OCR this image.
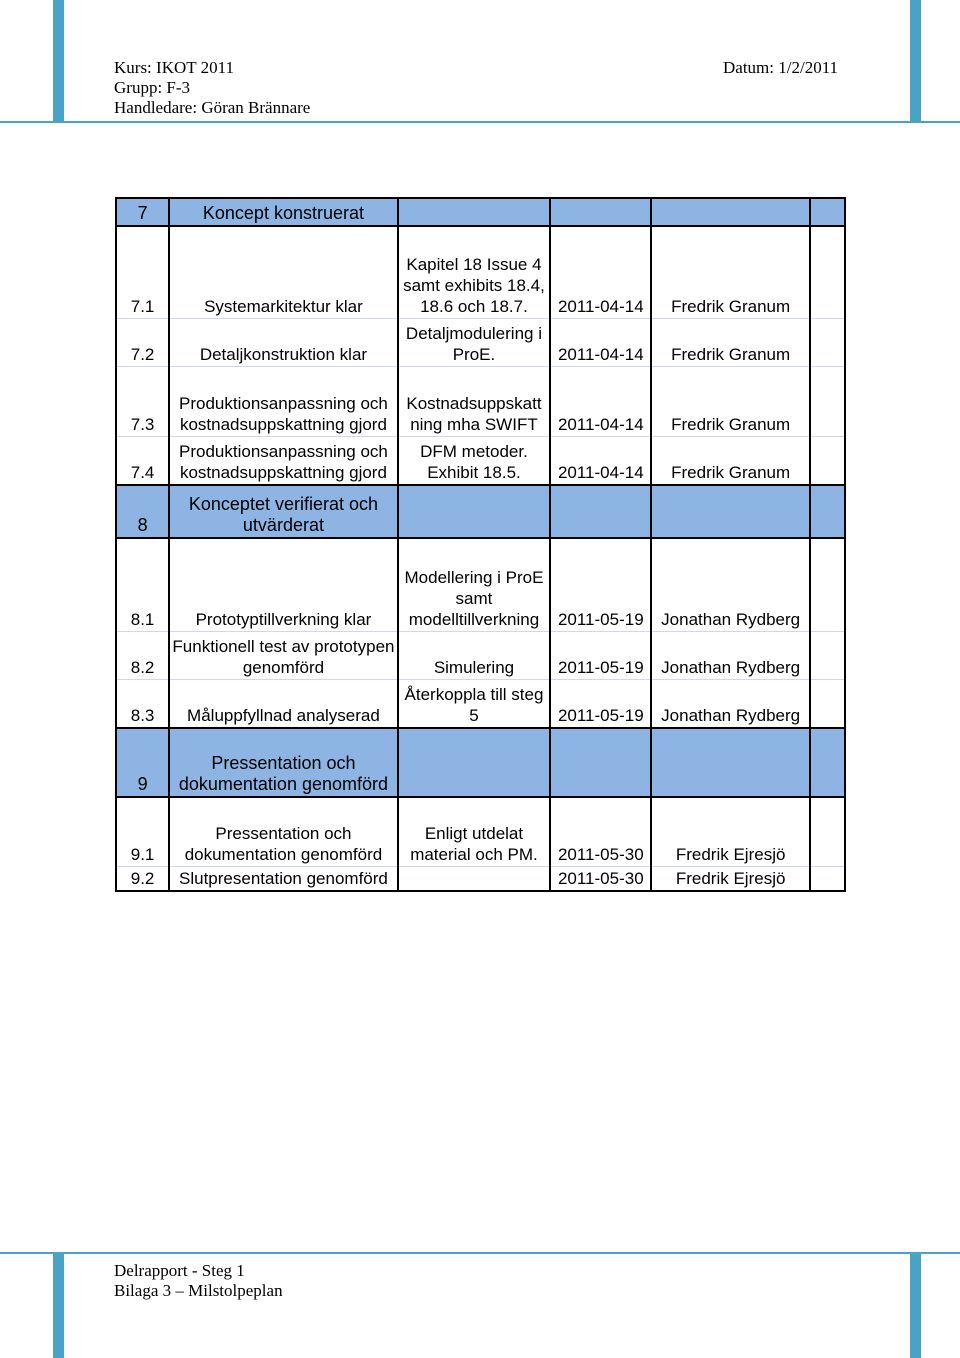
Kurs: IKOT 2011
Grupp: F-3
Handledare: Göran Brännare
Datum: 1/2/2011
7	Koncept konstruerat				
7.1	Systemarkitektur klar	Kapitel 18 Issue 4 samt exhibits 18.4, 18.6 och 18.7.	2011-04-14	Fredrik Granum	
7.2	Detaljkonstruktion klar	Detaljmodulering i ProE.	2011-04-14	Fredrik Granum	
7.3	Produktionsanpassning och kostnadsuppskattning gjord	Kostnadsuppskatt ning mha SWIFT	2011-04-14	Fredrik Granum	
7.4	Produktionsanpassning och kostnadsuppskattning gjord	DFM metoder. Exhibit 18.5.	2011-04-14	Fredrik Granum	
8	Konceptet verifierat och utvärderat				
8.1	Prototyptillverkning klar	Modellering i ProE samt modelltillverkning	2011-05-19	Jonathan Rydberg	
8.2	Funktionell test av prototypen genomförd	Simulering	2011-05-19	Jonathan Rydberg	
8.3	Måluppfyllnad analyserad	Återkoppla till steg 5	2011-05-19	Jonathan Rydberg	
9	Pressentation och dokumentation genomförd				
9.1	Pressentation och dokumentation genomförd	Enligt utdelat material och PM.	2011-05-30	Fredrik Ejresjö	
9.2	Slutpresentation genomförd		2011-05-30	Fredrik Ejresjö	
Delrapport - Steg 1
Bilaga 3 – Milstolpeplan
